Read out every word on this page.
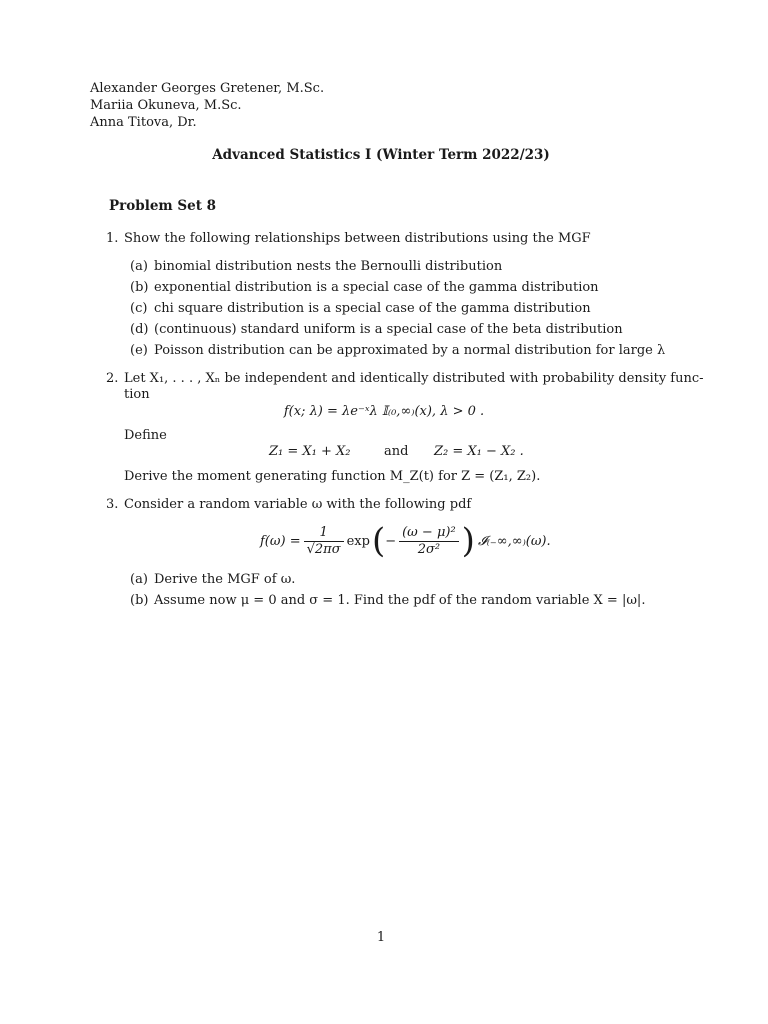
Alexander Georges Gretener, M.Sc.
Mariia Okuneva, M.Sc.
Anna Titova, Dr.
Advanced Statistics I (Winter Term 2022/23)
Problem Set 8
1. Show the following relationships between distributions using the MGF
(a) binomial distribution nests the Bernoulli distribution
(b) exponential distribution is a special case of the gamma distribution
(c) chi square distribution is a special case of the gamma distribution
(d) (continuous) standard uniform is a special case of the beta distribution
(e) Poisson distribution can be approximated by a normal distribution for large λ
2. Let X₁, . . . , Xₙ be independent and identically distributed with probability density func-
tion
f(x; λ) = λe⁻ˣλ 𝕀₍₀,∞₎(x), λ > 0 .
Define
Z₁ = X₁ + X₂	and Z₂ = X₁ − X₂ .
Derive the moment generating function M_Z(t) for Z = (Z₁, Z₂).
3. Consider a random variable ω with the following pdf
$f(\omega) = \frac{1}{√2\pi\sigma}$ exp ( − $\frac{\text{(ω − μ)²}}{\text{2σ²}}$ ) 𝓘₍₋∞,∞₎(ω).
(a) Derive the MGF of ω.
(b) Assume now μ = 0 and σ = 1. Find the pdf of the random variable X = |ω|.
1
